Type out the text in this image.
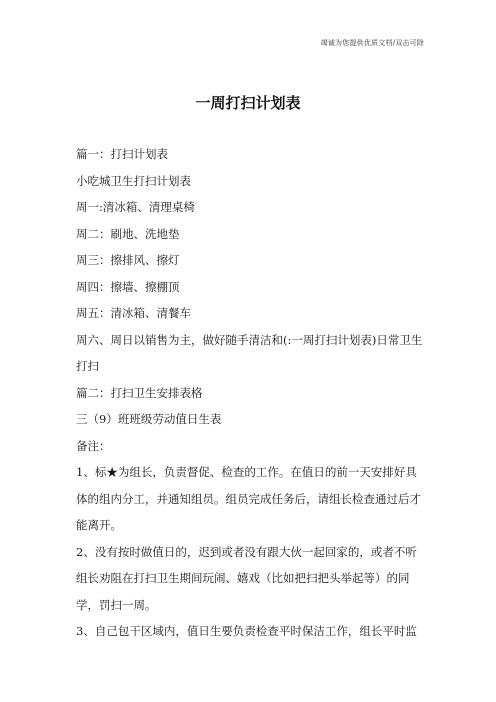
竭诚为您提供优质文档/双击可除
一周打扫计划表
篇一：打扫计划表
小吃城卫生打扫计划表
周一:清冰箱、清理桌椅
周二：刷地、洗地垫
周三：擦排风、擦灯
周四：擦墙、擦棚顶
周五：清冰箱、清餐车
周六、周日以销售为主，做好随手清洁和(:一周打扫计划表)日常卫生打扫
篇二：打扫卫生安排表格
三（9）班班级劳动值日生表
备注：
1、标★为组长，负责督促、检查的工作。在值日的前一天安排好具体的组内分工，并通知组员。组员完成任务后，请组长检查通过后才能离开。
2、没有按时做值日的，迟到或者没有跟大伙一起回家的，或者不听组长劝阻在打扫卫生期间玩闹、嬉戏（比如把扫把头举起等）的同学，罚扫一周。
3、自己包干区域内，值日生要负责检查平时保洁工作，组长平时监
